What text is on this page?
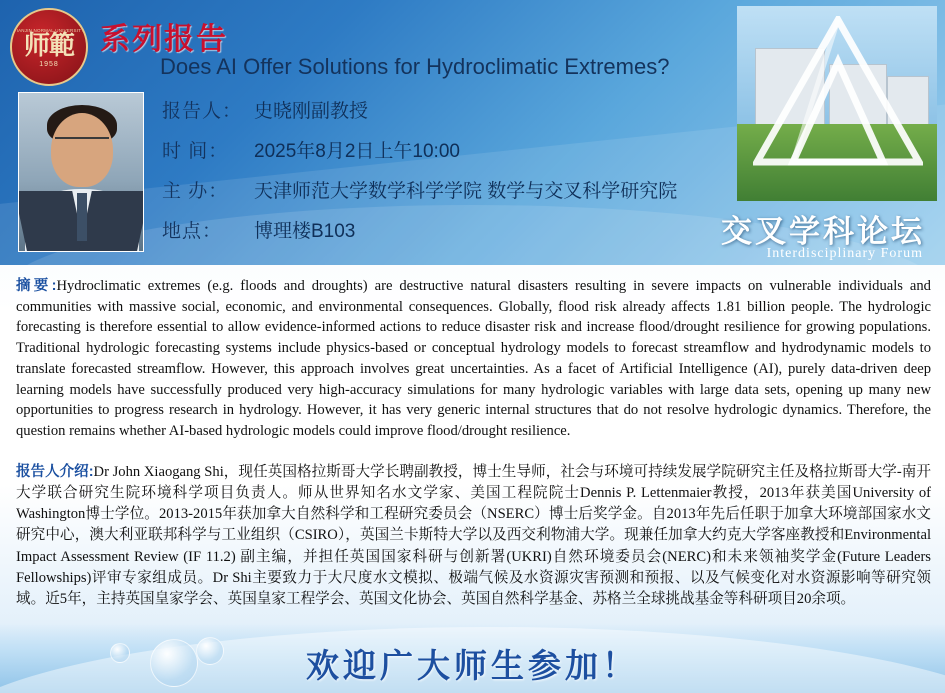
TIANJIN NORMAL UNIVERSITY
师範
1958
系列报告
Does AI Offer Solutions for Hydroclimatic Extremes?
报告人： 史晓刚副教授
时 间：	2025年8月2日上午10:00
主 办：	天津师范大学数学科学学院 数学与交叉科学研究院
地点：	博理楼B103	交叉学科论坛
Interdisciplinary Forum
摘要:Hydroclimatic extremes (e.g. floods and droughts) are destructive natural disasters resulting in severe impacts on vulnerable individuals and communities with massive social, economic, and environmental consequences. Globally, flood risk already affects 1.81 billion people. The hydrologic forecasting is therefore essential to allow evidence-informed actions to reduce disaster risk and increase flood/drought resilience for growing populations. Traditional hydrologic forecasting systems include physics-based or conceptual hydrology models to forecast streamflow and hydrodynamic models to translate forecasted streamflow. However, this approach involves great uncertainties. As a facet of Artificial Intelligence (AI), purely data-driven deep learning models have successfully produced very high-accuracy simulations for many hydrologic variables with large data sets, opening up many new opportunities to progress research in hydrology. However, it has very generic internal structures that do not resolve hydrologic dynamics. Therefore, the question remains whether AI-based hydrologic models could improve flood/drought resilience.
报告人介绍:Dr John Xiaogang Shi，现任英国格拉斯哥大学长聘副教授，博士生导师，社会与环境可持续发展学院研究主任及格拉斯哥大学-南开大学联合研究生院环境科学项目负责人。师从世界知名水文学家、美国工程院院士Dennis P. Lettenmaier教授，2013年获美国University of Washington博士学位。2013-2015年获加拿大自然科学和工程研究委员会（NSERC）博士后奖学金。自2013年先后任职于加拿大环境部国家水文研究中心，澳大利亚联邦科学与工业组织（CSIRO），英国兰卡斯特大学以及西交利物浦大学。现兼任加拿大约克大学客座教授和Environmental Impact Assessment Review (IF 11.2) 副主编，并担任英国国家科研与创新署(UKRI)自然环境委员会(NERC)和未来领袖奖学金(Future Leaders Fellowships)评审专家组成员。Dr Shi主要致力于大尺度水文模拟、极端气候及水资源灾害预测和预报、以及气候变化对水资源影响等研究领域。近5年，主持英国皇家学会、英国皇家工程学会、英国文化协会、英国自然科学基金、苏格兰全球挑战基金等科研项目20余项。
欢迎广大师生参加！
